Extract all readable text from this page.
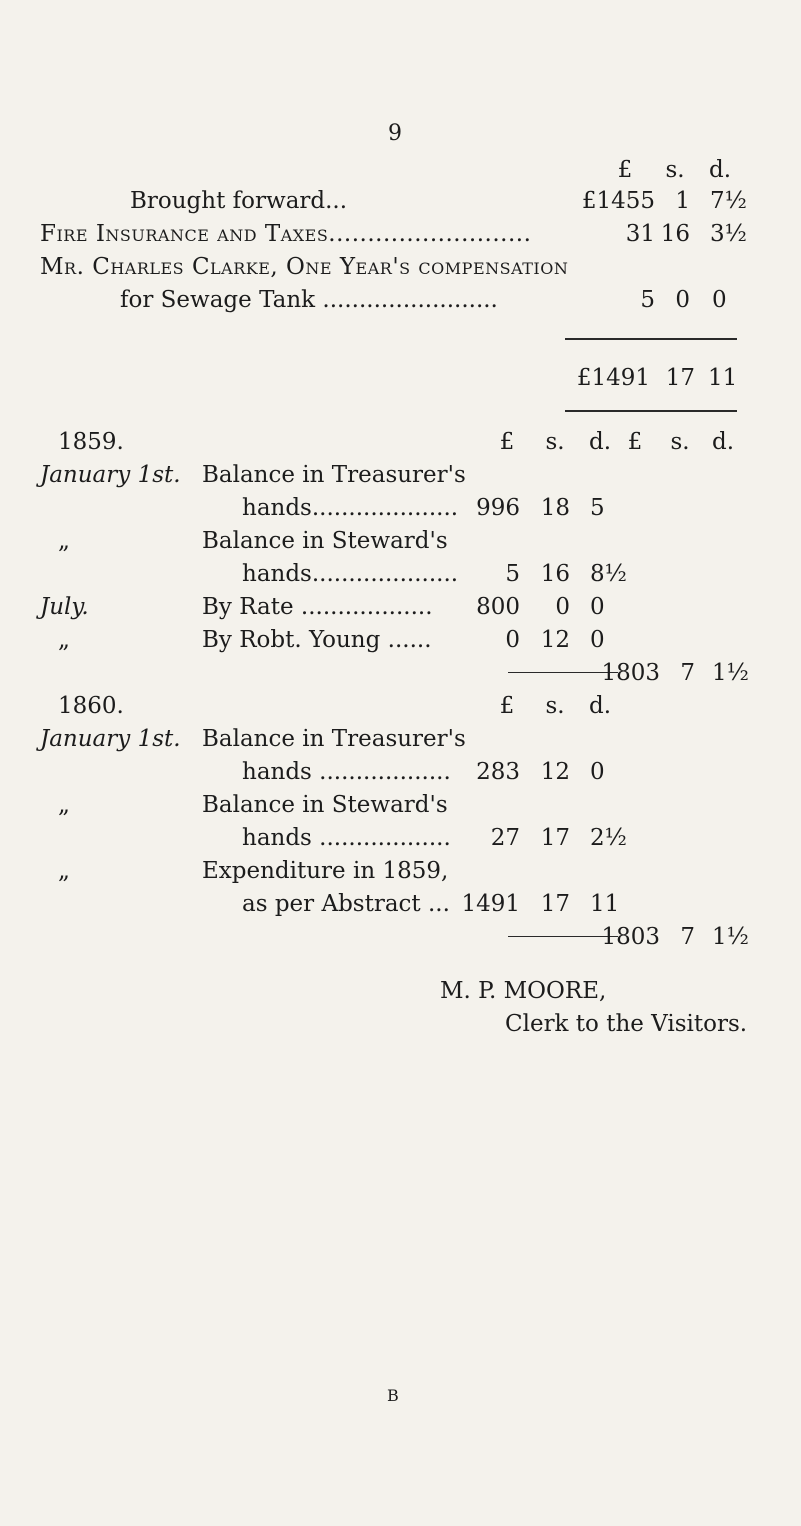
9
£	s. d.
Brought forward...	£1455 1 7½
Fire Insurance and Taxes..........................	31 16 3½
Mr. Charles Clarke, One Year's compensation
for Sewage Tank ........................	5 0 0
£1491 17 11
1859.	£	s. d. £	s. d.
January 1st. Balance in Treasurer's
hands.................... 996 18 5
„	Balance in Steward's
hands....................	5 16 8½
July.	By Rate ..................	800	0 0
„	By Robt. Young ......	0 12 0
1803 7 1½
1860.	£	s. d.
January 1st. Balance in Treasurer's
hands ..................	283 12 0
„	Balance in Steward's
hands ..................	27 17 2½
„	Expenditure in 1859,
as per Abstract ... 1491 17 11
1803 7 1½
M. P. MOORE,
Clerk to the Visitors.
B
